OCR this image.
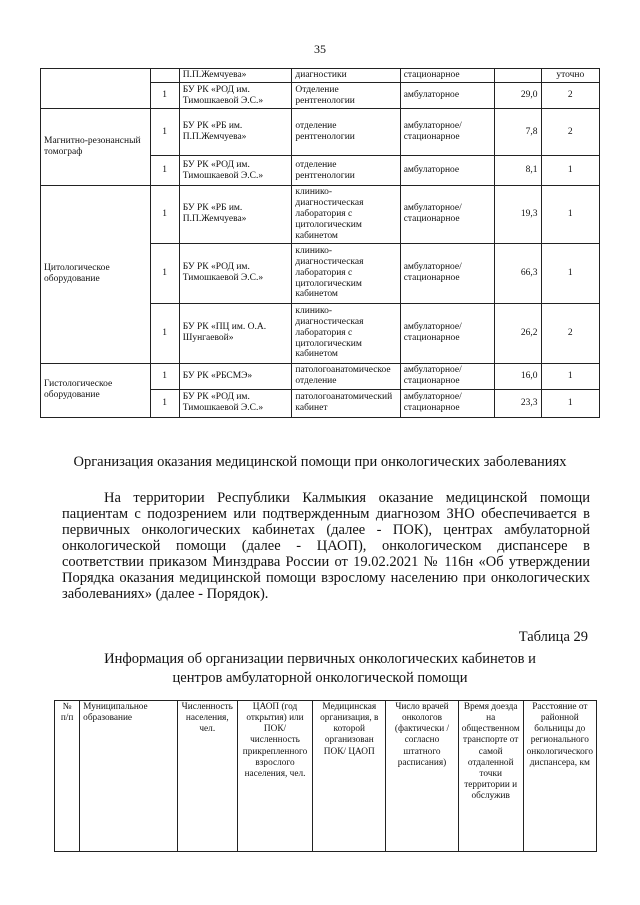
35
		П.П.Жемчуева»	диагностики	стационарное		уточно
	1	БУ РК «РОД им. Тимошкаевой Э.С.»	Отделение рентгенологии	амбулаторное	29,0	2
Магнитно-резонансный томограф	1	БУ РК «РБ им. П.П.Жемчуева»	отделение рентгенологии	амбулаторное/ стационарное	7,8	2
	1	БУ РК «РОД им. Тимошкаевой Э.С.»	отделение рентгенологии	амбулаторное	8,1	1
Цитологическое оборудование	1	БУ РК «РБ им. П.П.Жемчуева»	клинико-диагностическая лаборатория с цитологическим кабинетом	амбулаторное/ стационарное	19,3	1
	1	БУ РК «РОД им. Тимошкаевой Э.С.»	клинико-диагностическая лаборатория с цитологическим кабинетом	амбулаторное/ стационарное	66,3	1
	1	БУ РК «ПЦ им. О.А. Шунгаевой»	клинико-диагностическая лаборатория с цитологическим кабинетом	амбулаторное/ стационарное	26,2	2
Гистологическое оборудование	1	БУ РК «РБСМЭ»	патологоанатомическое отделение	амбулаторное/ стационарное	16,0	1
	1	БУ РК «РОД им. Тимошкаевой Э.С.»	патологоанатомический кабинет	амбулаторное/ стационарное	23,3	1
Организация оказания медицинской помощи при онкологических заболеваниях
На территории Республики Калмыкия оказание медицинской помощи пациентам с подозрением или подтвержденным диагнозом ЗНО обеспечивается в первичных онкологических кабинетах (далее - ПОК), центрах амбулаторной онкологической помощи (далее - ЦАОП), онкологическом диспансере в соответствии приказом Минздрава России от 19.02.2021 № 116н «Об утверждении Порядка оказания медицинской помощи взрослому населению при онкологических заболеваниях» (далее - Порядок).
Таблица 29
Информация об организации первичных онкологических кабинетов и центров амбулаторной онкологической помощи
№ п/п	Муниципальное образование	Численность населения, чел.	ЦАОП (год открытия) или ПОК/ численность прикрепленного взрослого населения, чел.	Медицинская организация, в которой организован ПОК/ ЦАОП	Число врачей онкологов (фактически /согласно штатного расписания)	Время доезда на общественном транспорте от самой отдаленной точки территории и обслужив	Расстояние от районной больницы до регионального онкологического диспансера, км
